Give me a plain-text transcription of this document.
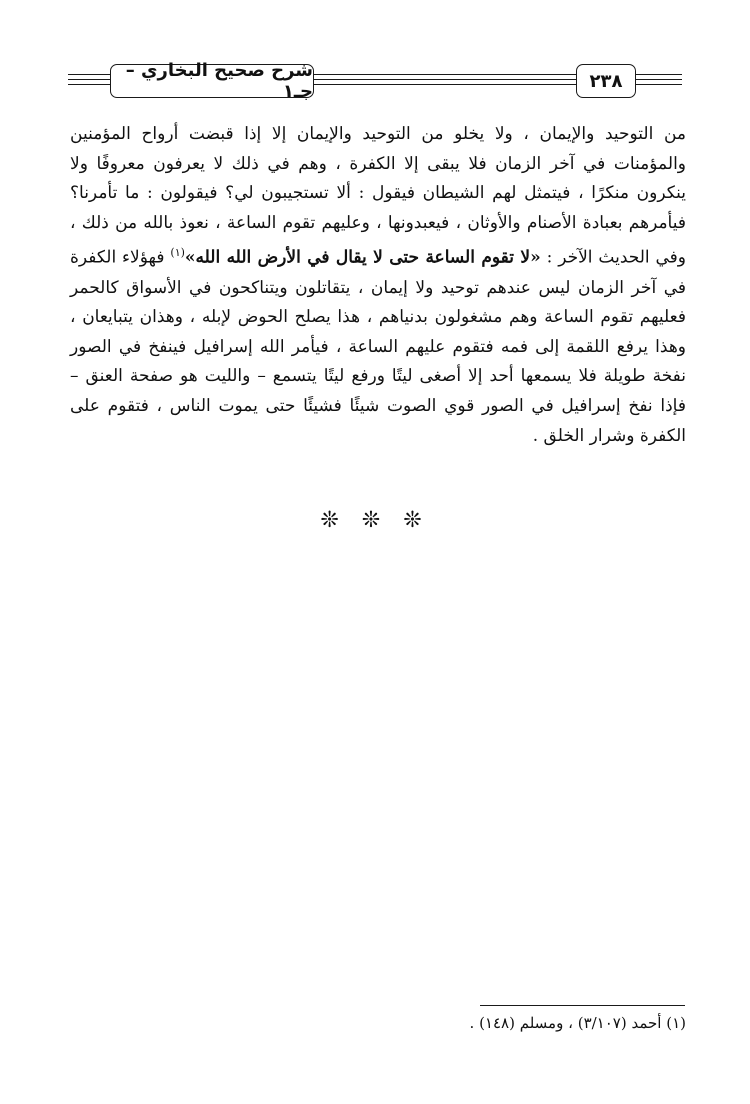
شرح صحيح البخاري – جـ١	٢٣٨

من التوحيد والإيمان ، ولا يخلو من التوحيد والإيمان إلا إذا قبضت أرواح المؤمنين والمؤمنات في آخر الزمان فلا يبقى إلا الكفرة ، وهم في ذلك لا يعرفون معروفًا ولا ينكرون منكرًا ، فيتمثل لهم الشيطان فيقول : ألا تستجيبون لي؟ فيقولون : ما تأمرنا؟ فيأمرهم بعبادة الأصنام والأوثان ، فيعبدونها ، وعليهم تقوم الساعة ، نعوذ بالله من ذلك ، وفي الحديث الآخر : «لا تقوم الساعة حتى لا يقال في الأرض الله الله»$^{(١)}$ فهؤلاء الكفرة في آخر الزمان ليس عندهم توحيد ولا إيمان ، يتقاتلون ويتناكحون في الأسواق كالحمر فعليهم تقوم الساعة وهم مشغولون بدنياهم ، هذا يصلح الحوض لإبله ، وهذان يتبايعان ، وهذا يرفع اللقمة إلى فمه فتقوم عليهم الساعة ، فيأمر الله إسرافيل فينفخ في الصور نفخة طويلة فلا يسمعها أحد إلا أصغى ليتًا ورفع ليتًا يتسمع – والليت هو صفحة العنق – فإذا نفخ إسرافيل في الصور قوي الصوت شيئًا فشيئًا حتى يموت الناس ، فتقوم على الكفرة وشرار الخلق .

❊ ❊ ❊
(١) أحمد (٣/١٠٧) ، ومسلم (١٤٨) .
